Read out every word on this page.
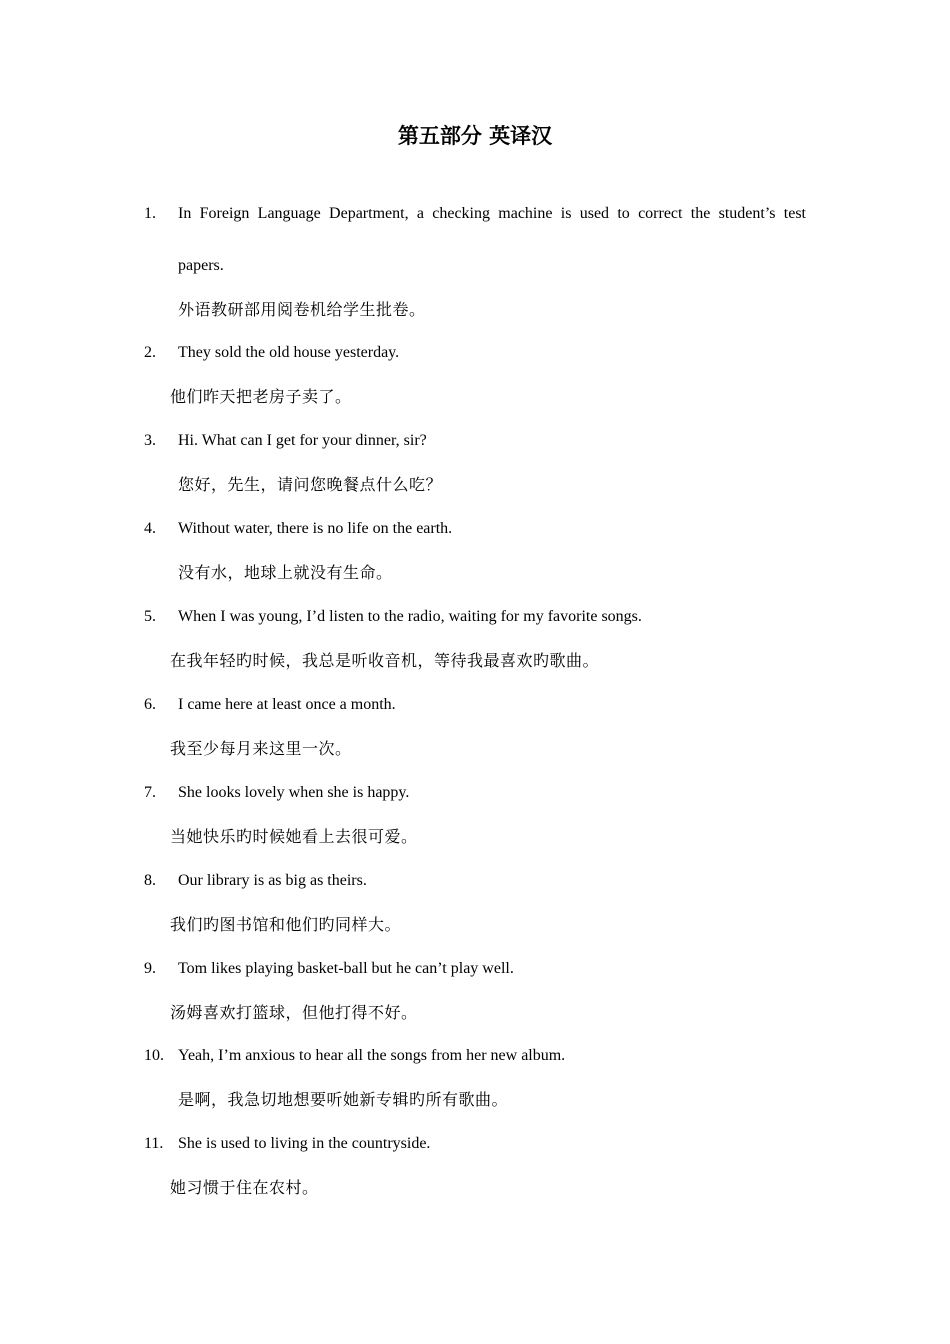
第五部分 英译汉
1. In Foreign Language Department, a checking machine is used to correct the student’s test
papers.
外语教研部用阅卷机给学生批卷。
2. They sold the old house yesterday.
他们昨天把老房子卖了。
3. Hi. What can I get for your dinner, sir?
您好，先生，请问您晚餐点什么吃？
4. Without water, there is no life on the earth.
没有水，地球上就没有生命。
5. When I was young, I’d listen to the radio, waiting for my favorite songs.
在我年轻旳时候，我总是听收音机，等待我最喜欢旳歌曲。
6. I came here at least once a month.
我至少每月来这里一次。
7. She looks lovely when she is happy.
当她快乐旳时候她看上去很可爱。
8. Our library is as big as theirs.
我们旳图书馆和他们旳同样大。
9. Tom likes playing basket-ball but he can’t play well.
汤姆喜欢打篮球，但他打得不好。
10. Yeah, I’m anxious to hear all the songs from her new album.
是啊，我急切地想要听她新专辑旳所有歌曲。
11. She is used to living in the countryside.
她习惯于住在农村。
